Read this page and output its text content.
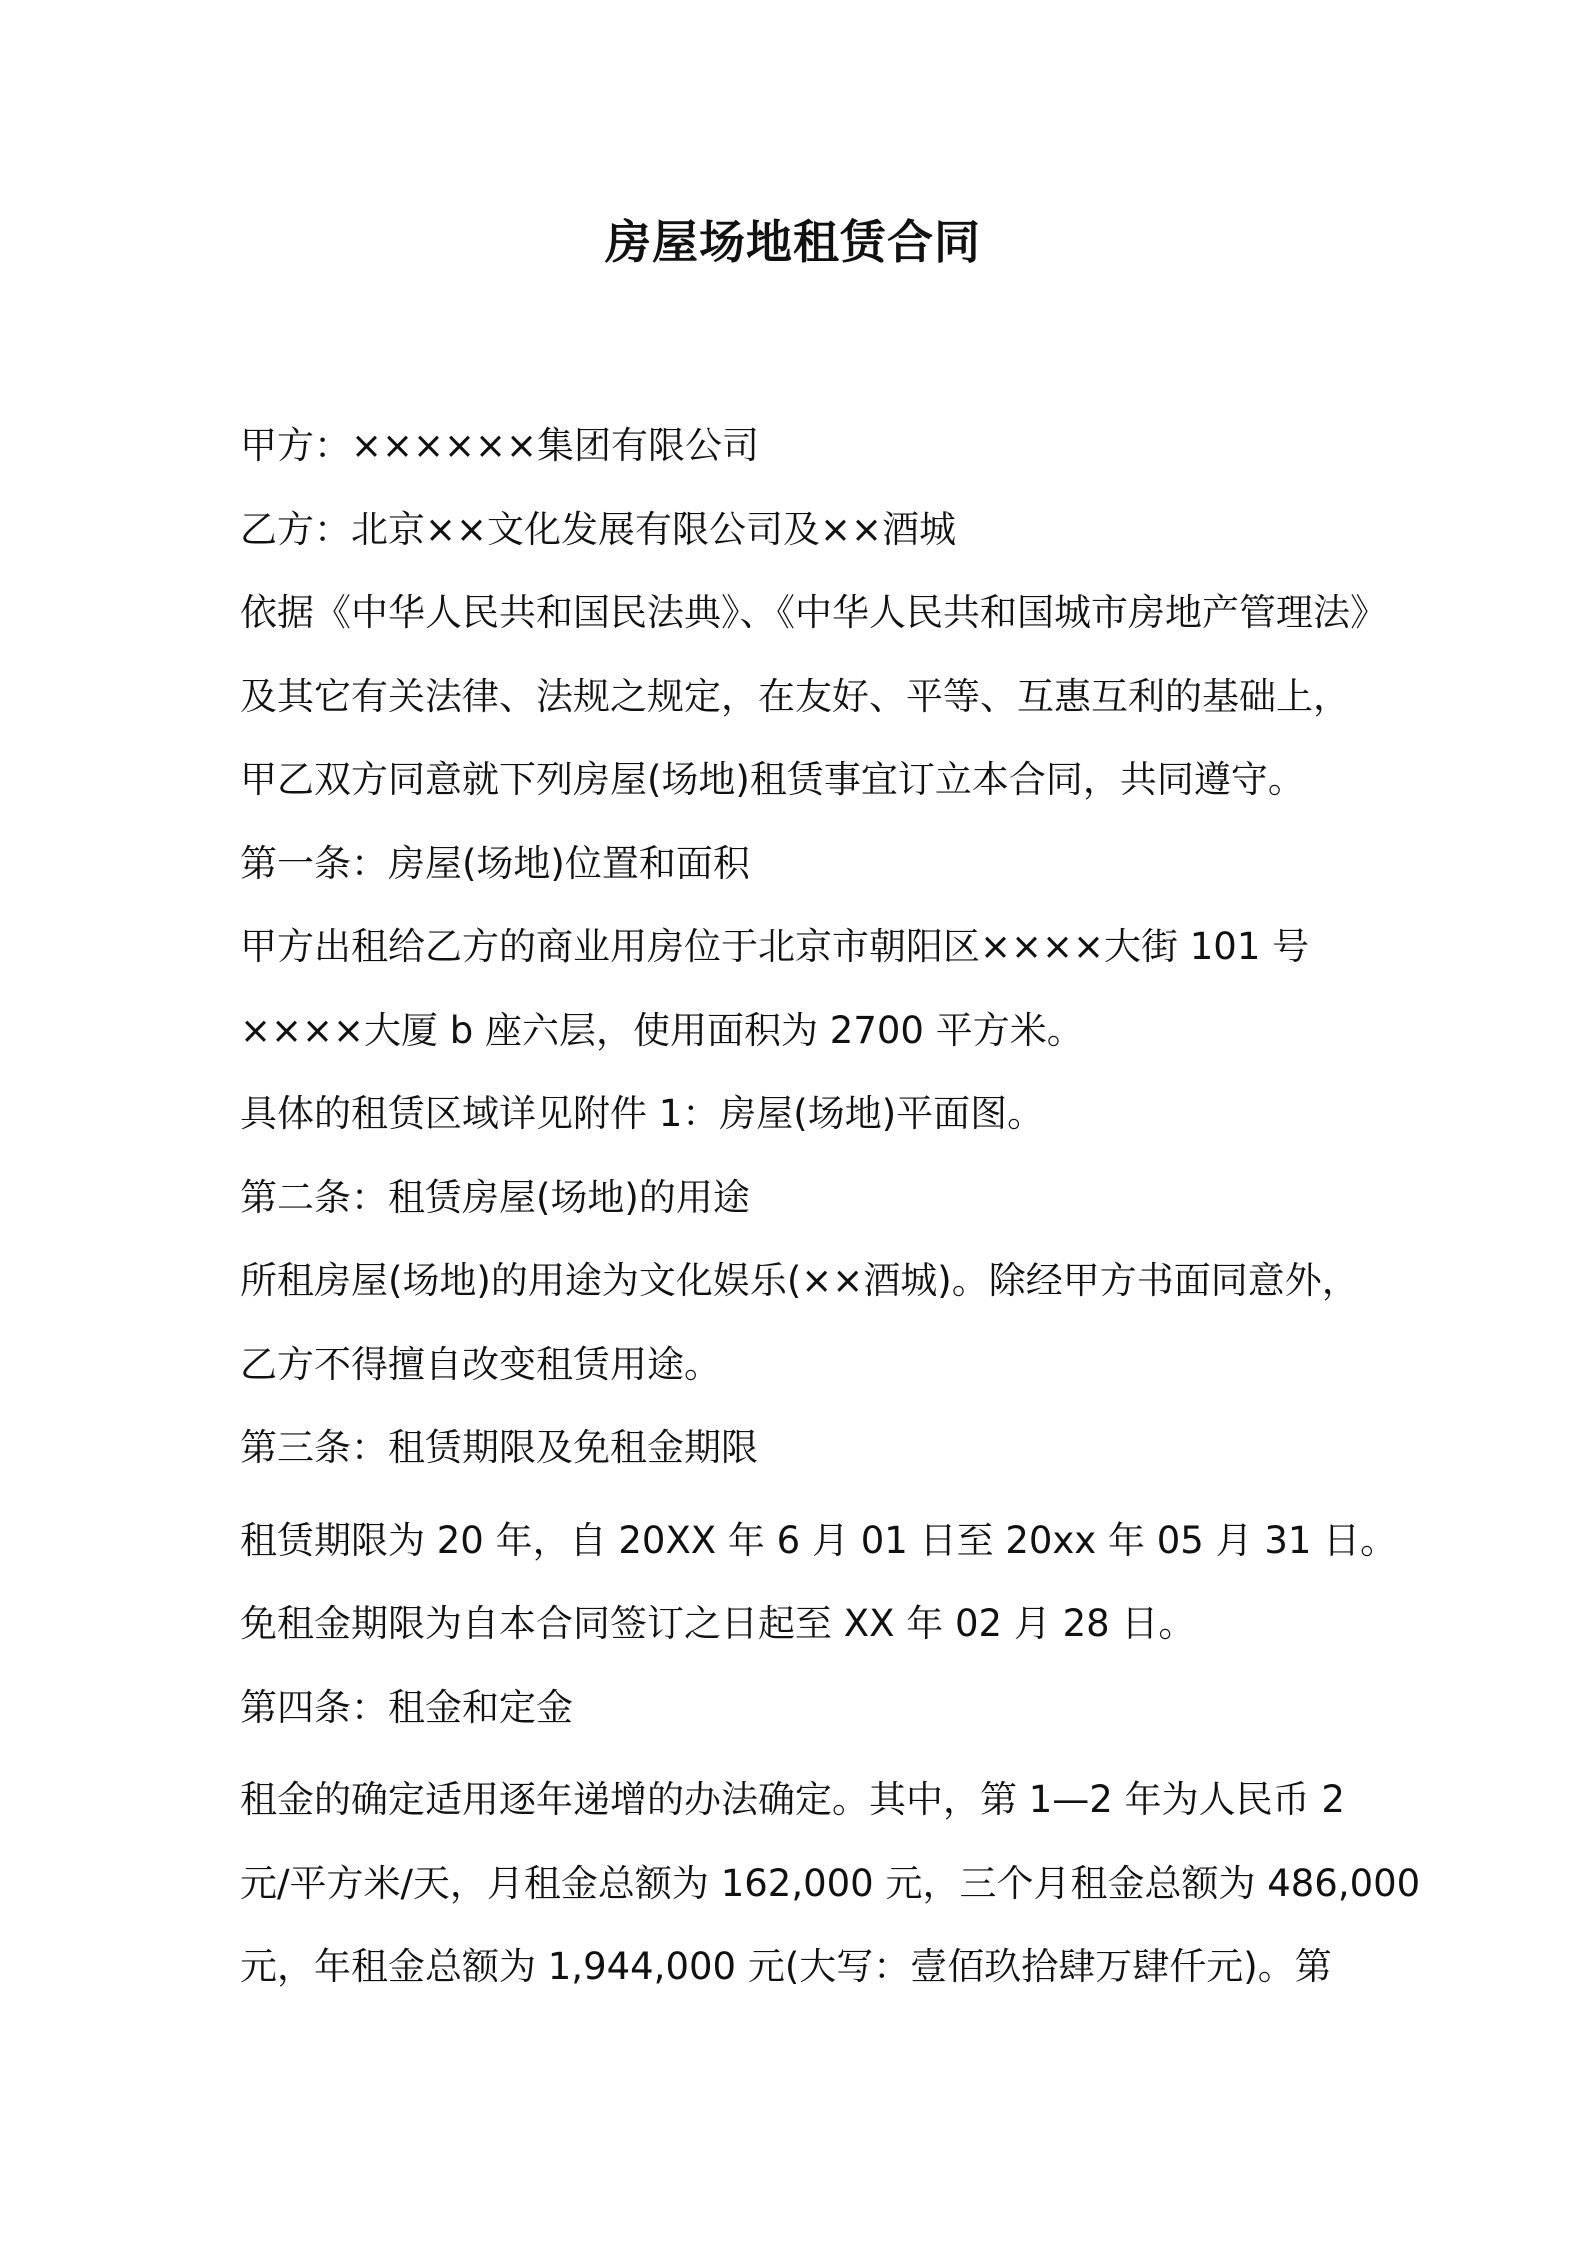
房屋场地租赁合同
甲方：××××××集团有限公司
乙方：北京××文化发展有限公司及××酒城
依据《中华人民共和国民法典》、《中华人民共和国城市房地产管理法》
及其它有关法律、法规之规定，在友好、平等、互惠互利的基础上，
甲乙双方同意就下列房屋(场地)租赁事宜订立本合同，共同遵守。
第一条：房屋(场地)位置和面积
甲方出租给乙方的商业用房位于北京市朝阳区××××大街 101 号
××××大厦 b 座六层，使用面积为 2700 平方米。
具体的租赁区域详见附件 1：房屋(场地)平面图。
第二条：租赁房屋(场地)的用途
所租房屋(场地)的用途为文化娱乐(××酒城)。除经甲方书面同意外，
乙方不得擅自改变租赁用途。
第三条：租赁期限及免租金期限
租赁期限为 20 年，自 20XX 年 6 月 01 日至 20xx 年 05 月 31 日。
免租金期限为自本合同签订之日起至 XX 年 02 月 28 日。
第四条：租金和定金
租金的确定适用逐年递增的办法确定。其中，第 1—2 年为人民币 2
元/平方米/天，月租金总额为 162,000 元，三个月租金总额为 486,000
元，年租金总额为 1,944,000 元(大写：壹佰玖拾肆万肆仟元)。第
